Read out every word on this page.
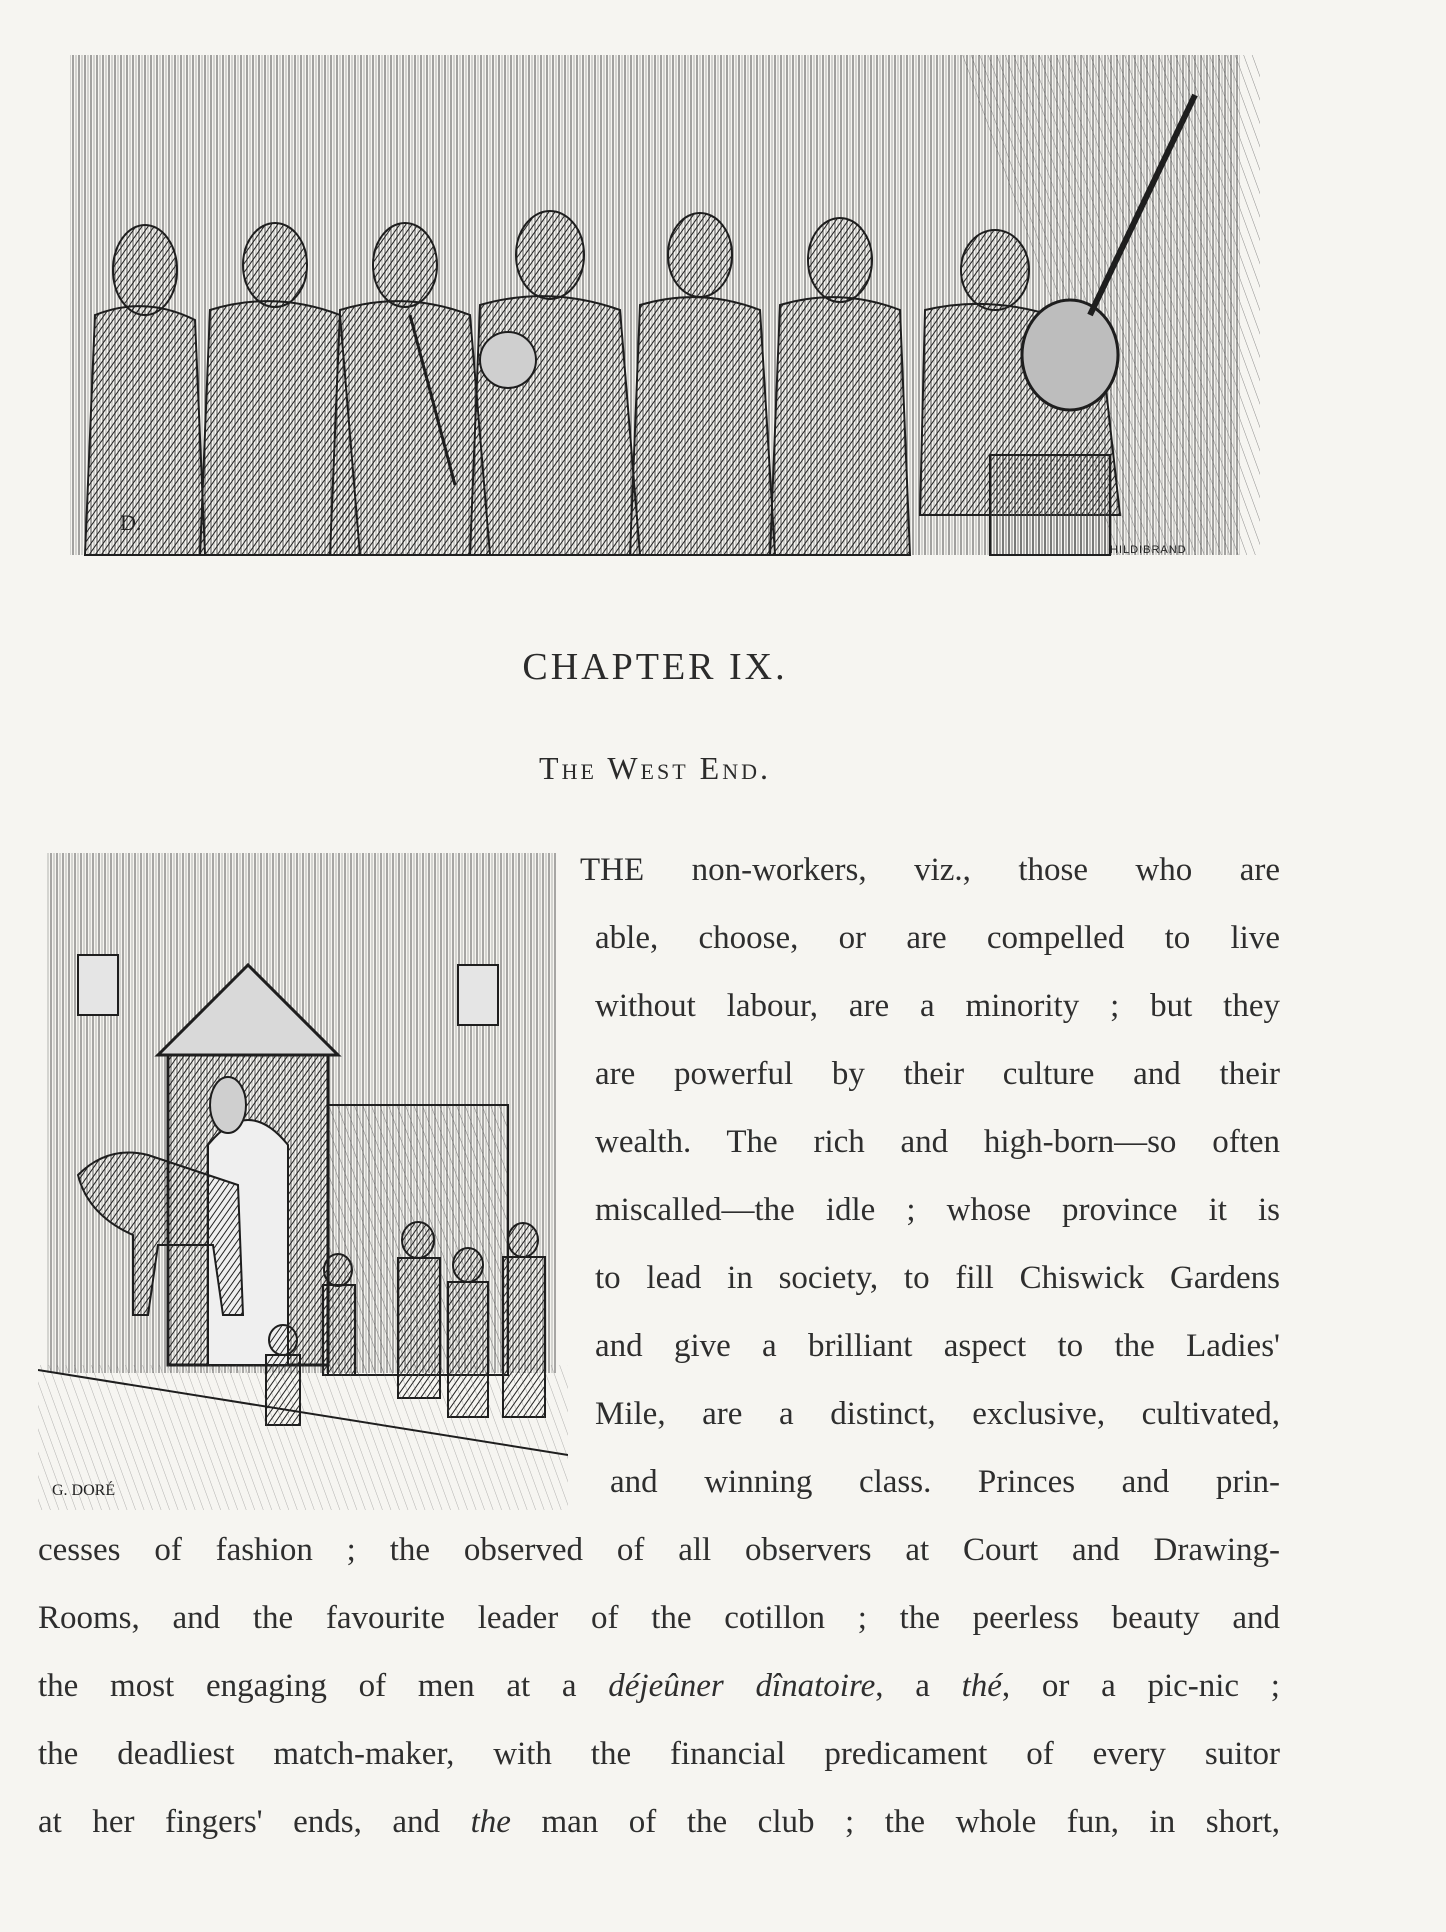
D.
HILDIBRAND
CHAPTER IX.
The West End.
G. DORÉ
THE non-workers, viz., those who are
able, choose, or are compelled to live
without labour, are a minority ; but they
are powerful by their culture and their
wealth. The rich and high-born—so often
miscalled—the idle ; whose province it is
to lead in society, to fill Chiswick Gardens
and give a brilliant aspect to the Ladies'
Mile, are a distinct, exclusive, cultivated,
and winning class. Princes and prin-
cesses of fashion ; the observed of all observers at Court and Drawing-
Rooms, and the favourite leader of the cotillon ; the peerless beauty and
the most engaging of men at a déjeûner dînatoire, a thé, or a pic-nic ;
the deadliest match-maker, with the financial predicament of every suitor
at her fingers' ends, and the man of the club ; the whole fun, in short,
